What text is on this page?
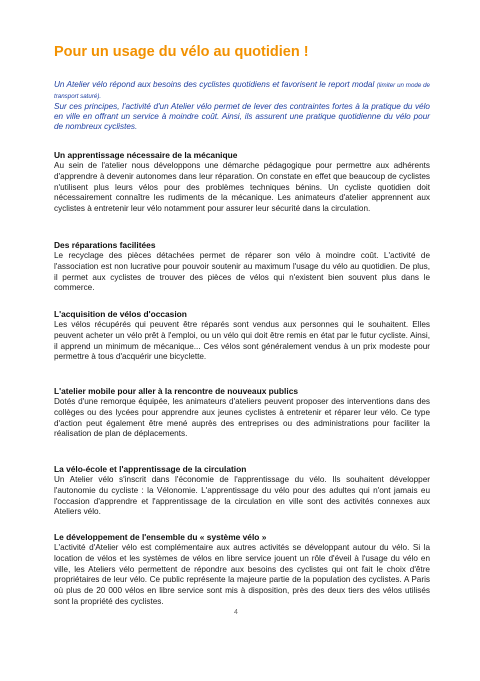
Pour un usage du vélo au quotidien !
Un Atelier vélo répond aux besoins des cyclistes quotidiens et favorisent le report modal (limiter un mode de transport saturé).
Sur ces principes, l'activité d'un Atelier vélo permet de lever des contraintes fortes à la pratique du vélo en ville en offrant un service à moindre coût. Ainsi, ils assurent une pratique quotidienne du vélo pour de nombreux cyclistes.
Un apprentissage nécessaire de la mécanique
Au sein de l'atelier nous développons une démarche pédagogique pour permettre aux adhérents d'apprendre à devenir autonomes dans leur réparation. On constate en effet que beaucoup de cyclistes n'utilisent plus leurs vélos pour des problèmes techniques bénins. Un cycliste quotidien doit nécessairement connaître les rudiments de la mécanique. Les animateurs d'atelier apprennent aux cyclistes à entretenir leur vélo notamment pour assurer leur sécurité dans la circulation.
Des réparations facilitées
Le recyclage des pièces détachées permet de réparer son vélo à moindre coût. L'activité de l'association est non lucrative pour pouvoir soutenir au maximum l'usage du vélo au quotidien. De plus, il permet aux cyclistes de trouver des pièces de vélos qui n'existent bien souvent plus dans le commerce.
L'acquisition de vélos d'occasion
Les vélos récupérés qui peuvent être réparés sont vendus aux personnes qui le souhaitent. Elles peuvent acheter un vélo prêt à l'emploi, ou un vélo qui doit être remis en état par le futur cycliste. Ainsi, il apprend un minimum de mécanique... Ces vélos sont généralement vendus à un prix modeste pour permettre à tous d'acquérir une bicyclette.
L'atelier mobile pour aller à la rencontre de nouveaux publics
Dotés d'une remorque équipée, les animateurs d'ateliers peuvent proposer des interventions dans des collèges ou des lycées pour apprendre aux jeunes cyclistes à entretenir et réparer leur vélo. Ce type d'action peut également être mené auprès des entreprises ou des administrations pour faciliter la réalisation de plan de déplacements.
La vélo-école et l'apprentissage de la circulation
Un Atelier vélo s'inscrit dans l'économie de l'apprentissage du vélo. Ils souhaitent développer l'autonomie du cycliste : la Vélonomie. L'apprentissage du vélo pour des adultes qui n'ont jamais eu l'occasion d'apprendre et l'apprentissage de la circulation en ville sont des activités connexes aux Ateliers vélo.
Le développement de l'ensemble du « système vélo »
L'activité d'Atelier vélo est complémentaire aux autres activités se développant autour du vélo. Si la location de vélos et les systèmes de vélos en libre service jouent un rôle d'éveil à l'usage du vélo en ville, les Ateliers vélo permettent de répondre aux besoins des cyclistes qui ont fait le choix d'être propriétaires de leur vélo. Ce public représente la majeure partie de la population des cyclistes. A Paris où plus de 20 000 vélos en libre service sont mis à disposition, près des deux tiers des vélos utilisés sont la propriété des cyclistes.
4
